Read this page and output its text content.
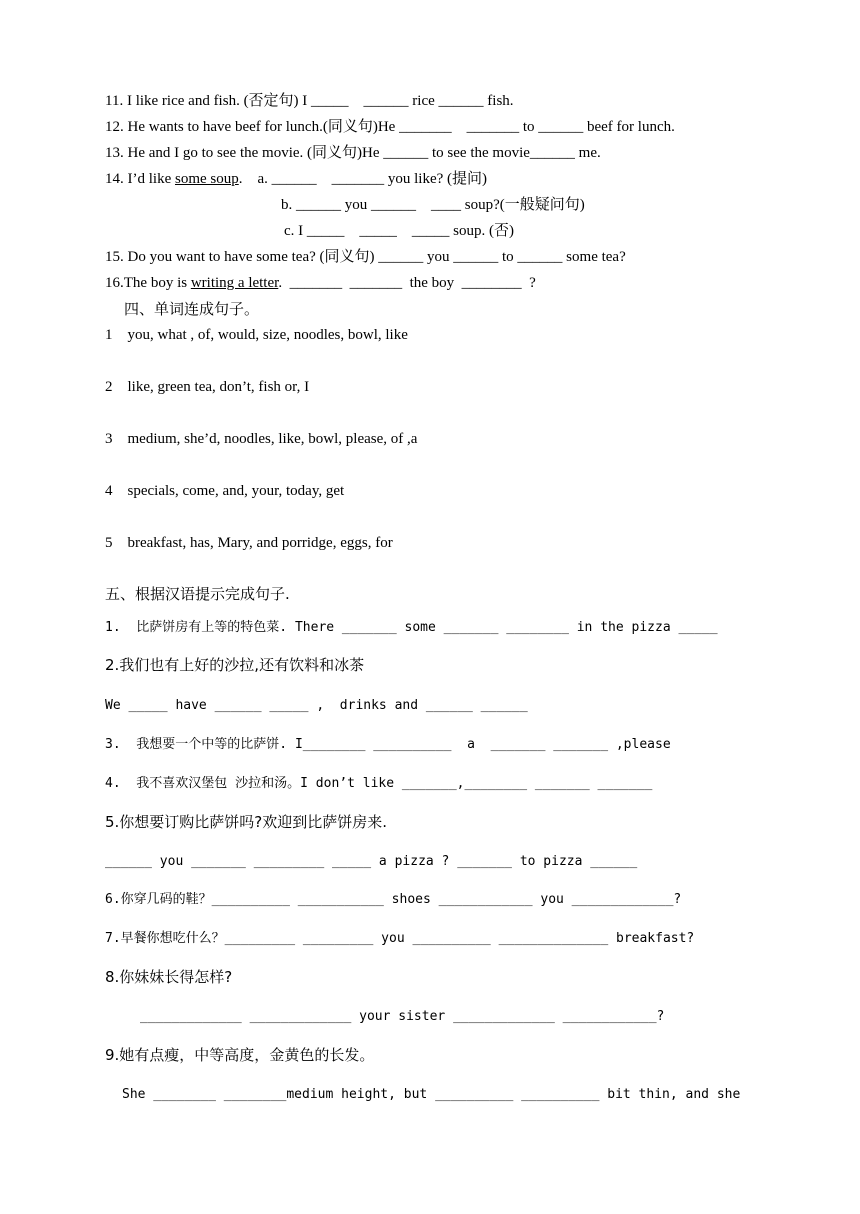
11. I like rice and fish. (否定句) I _____    ______ rice ______ fish.
12. He wants to have beef for lunch.(同义句)He _______    _______ to ______ beef for lunch.
13. He and I go to see the movie. (同义句)He ______ to see the movie______ me.
14. I’d like some soup.    a. ______    _______ you like? (提问)
b. ______ you ______    ____ soup?(一般疑问句)
c. I _____    _____    _____ soup. (否)
15. Do you want to have some tea? (同义句) ______ you ______ to ______ some tea?
16.The boy is writing a letter.  _______  _______  the boy  ________  ?
四、单词连成句子。
1    you, what , of, would, size, noodles, bowl, like
2    like, green tea, don’t, fish or, I
3    medium, she’d, noodles, like, bowl, please, of ,a
4    specials, come, and, your, today, get
5    breakfast, has, Mary, and porridge, eggs, for
五、根据汉语提示完成句子.
1.  比萨饼房有上等的特色菜. There _______ some _______ ________ in the pizza _____
2.我们也有上好的沙拉,还有饮料和冰茶
We _____ have ______ _____ ,  drinks and ______ ______
3.  我想要一个中等的比萨饼. I________ __________  a  _______ _______ ,please
4.  我不喜欢汉堡包 沙拉和汤。I don’t like _______,________ _______ _______
5.你想要订购比萨饼吗?欢迎到比萨饼房来.
______ you _______ _________ _____ a pizza ? _______ to pizza ______
6.你穿几码的鞋？__________ ___________ shoes ____________ you _____________?
7.早餐你想吃什么？_________ _________ you __________ ______________ breakfast?
8.你妹妹长得怎样?
_____________ _____________ your sister _____________ ____________?
9.她有点瘦，中等高度，金黄色的长发。
She ________ ________medium height, but __________ __________ bit thin, and she
